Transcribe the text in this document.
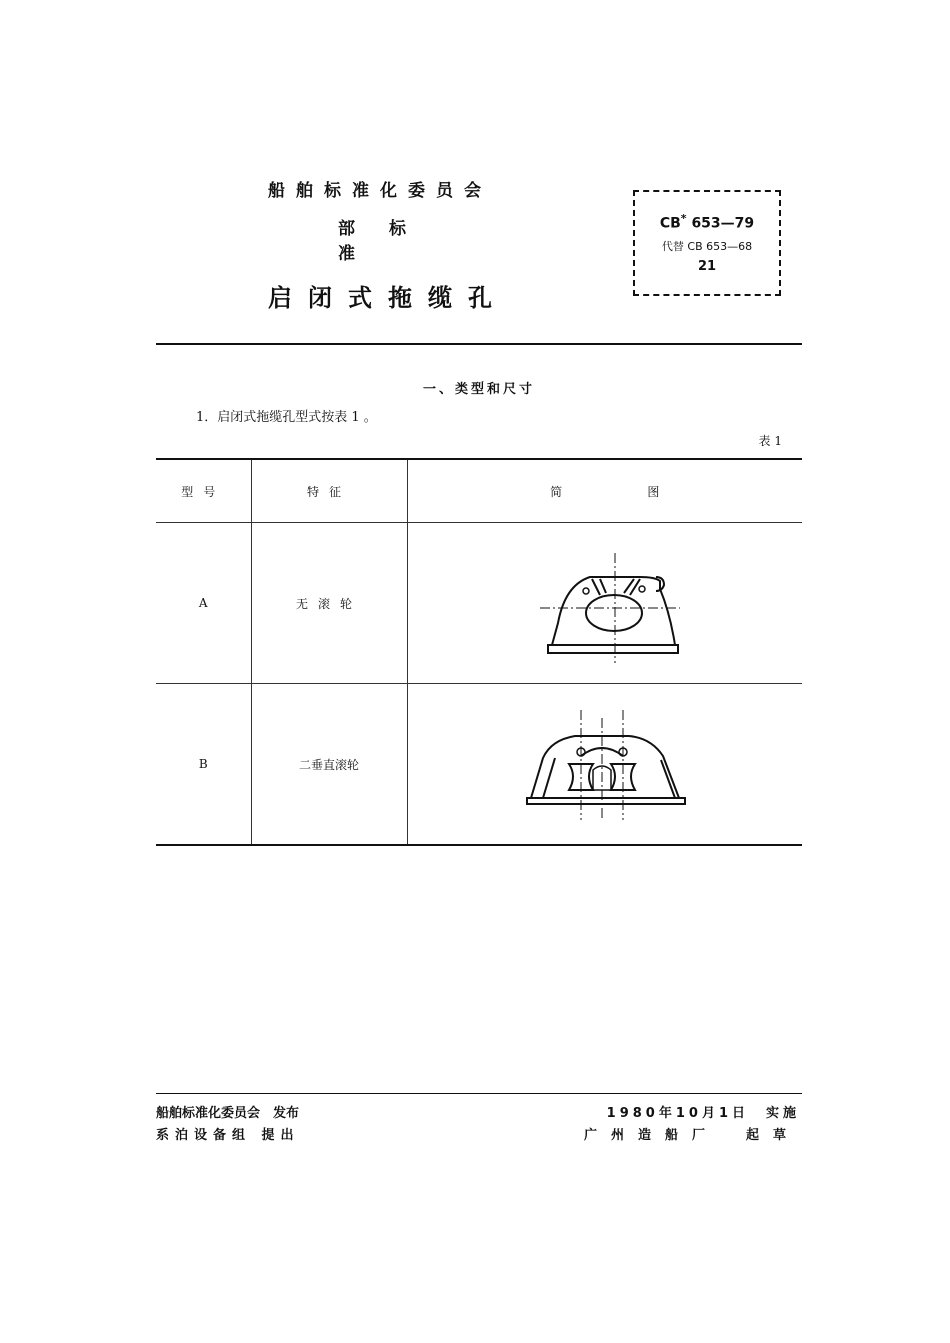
船舶标准化委员会
部标准
启闭式拖缆孔
CB* 653—79
代替 CB 653—68
21
一、类型和尺寸
1．启闭式拖缆孔型式按表 1 。
表 1
型号	特征	简 图

A	无滚轮	

B	二垂直滚轮	
船舶标准化委员会　发布
系泊设备组 提出
1980年10月1日　实施
广州造船厂　起草
